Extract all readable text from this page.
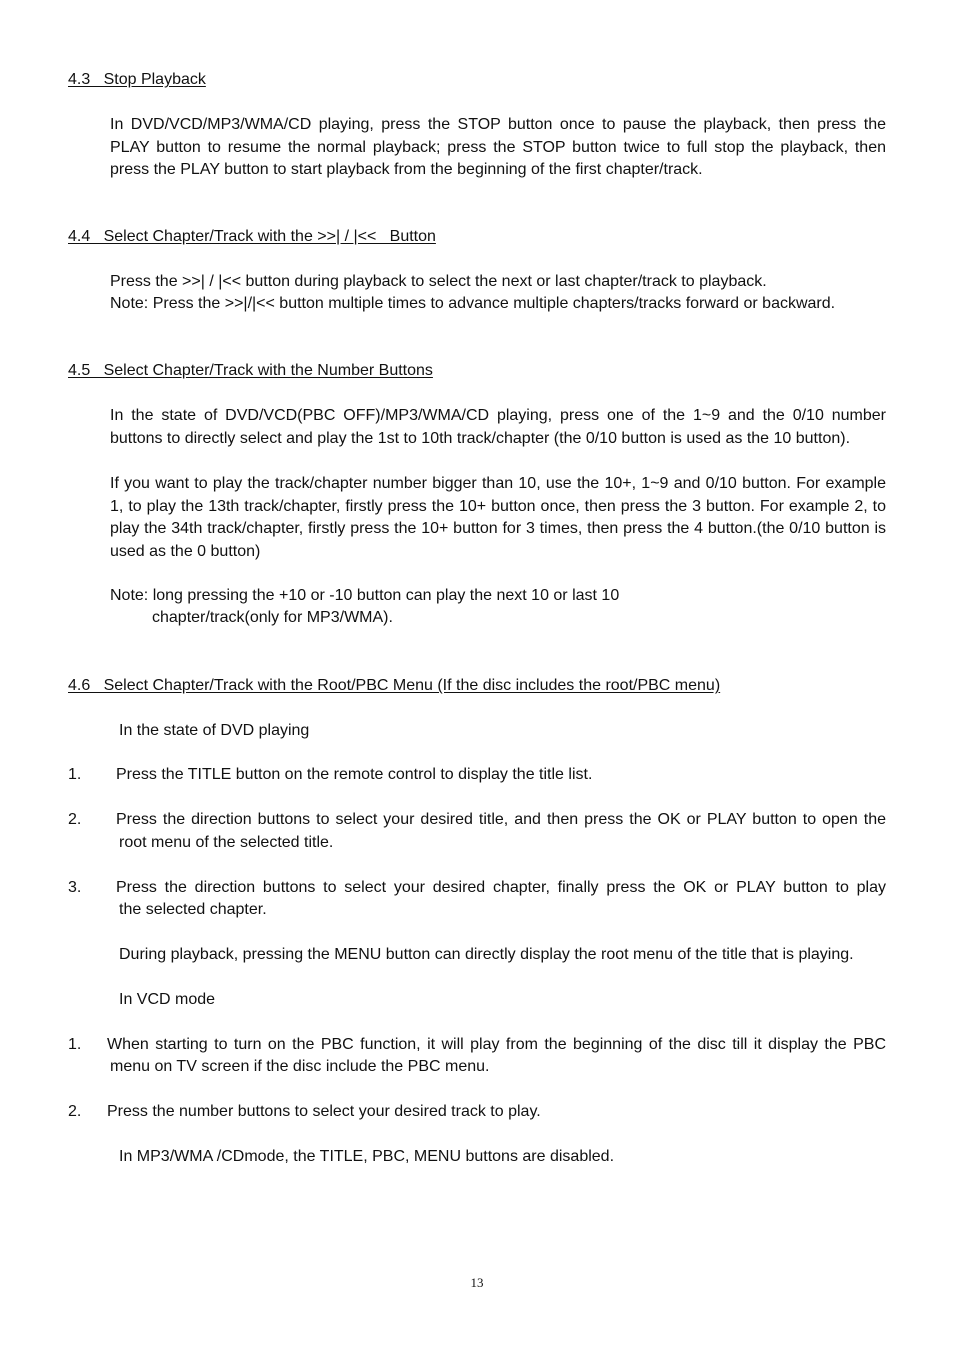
4.3   Stop Playback
In DVD/VCD/MP3/WMA/CD playing, press the STOP button once to pause the playback, then press the PLAY button to resume the normal playback; press the STOP button twice to full stop the playback, then press the PLAY button to start playback from the beginning of the first chapter/track.
4.4   Select Chapter/Track with the >>| / |<<   Button
Press the >>| / |<< button during playback to select the next or last chapter/track to playback.
Note: Press the >>|/|<< button multiple times to advance multiple chapters/tracks forward or backward.
4.5   Select Chapter/Track with the Number Buttons
In the state of DVD/VCD(PBC OFF)/MP3/WMA/CD playing, press one of the 1~9 and the 0/10 number buttons to directly select and play the 1st to 10th track/chapter (the 0/10 button is used as the 10 button).
If you want to play the track/chapter number bigger than 10, use the 10+, 1~9 and 0/10 button. For example 1, to play the 13th track/chapter, firstly press the 10+ button once, then press the 3 button. For example 2, to play the 34th track/chapter, firstly press the 10+ button for 3 times, then press the 4 button.(the 0/10 button is used as the 0 button)
Note: long pressing the +10 or -10 button can play the next 10 or last 10
chapter/track(only for MP3/WMA).
4.6   Select Chapter/Track with the Root/PBC Menu (If the disc includes the root/PBC menu)
In the state of DVD playing
1. Press the TITLE button on the remote control to display the title list.
2. Press the direction buttons to select your desired title, and then press the OK or PLAY button to open the
root menu of the selected title.
3. Press the direction buttons to select your desired chapter, finally press the OK or PLAY button to play
the selected chapter.
During playback, pressing the MENU button can directly display the root menu of the title that is playing.
In VCD mode
1. When starting to turn on the PBC function, it will play from the beginning of the disc till it display the PBC
menu on TV screen if the disc include the PBC menu.
2. Press the number buttons to select your desired track to play.
In MP3/WMA /CDmode, the TITLE, PBC, MENU buttons are disabled.
13
